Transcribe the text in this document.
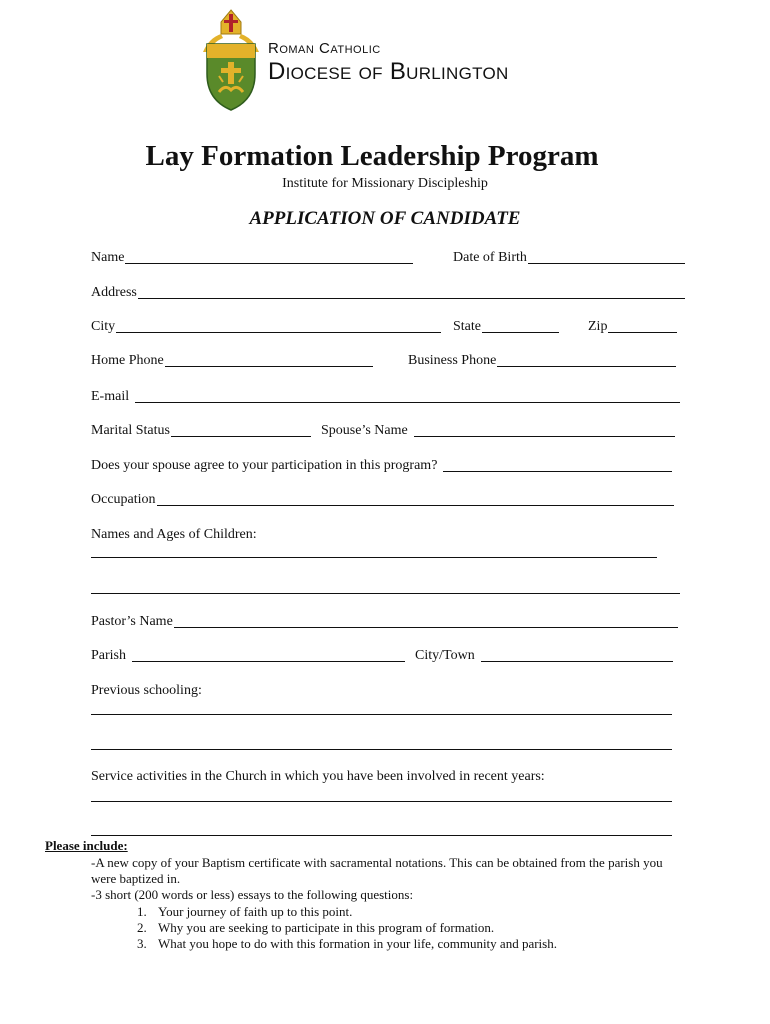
Roman Catholic
Diocese of Burlington
Lay Formation Leadership Program
Institute for Missionary Discipleship
APPLICATION OF CANDIDATE
Name	Date of Birth
Address
City	State	Zip
Home Phone	Business Phone
E-mail
Marital Status	Spouse’s Name
Does your spouse agree to your participation in this program?
Occupation
Names and Ages of Children:
Pastor’s Name
Parish	City/Town
Previous schooling:
Service activities in the Church in which you have been involved in recent years:
Please include:
-A new copy of your Baptism certificate with sacramental notations. This can be obtained from the parish you
were baptized in.
-3 short (200 words or less) essays to the following questions:
1. Your journey of faith up to this point.
2. Why you are seeking to participate in this program of formation.
3. What you hope to do with this formation in your life, community and parish.
